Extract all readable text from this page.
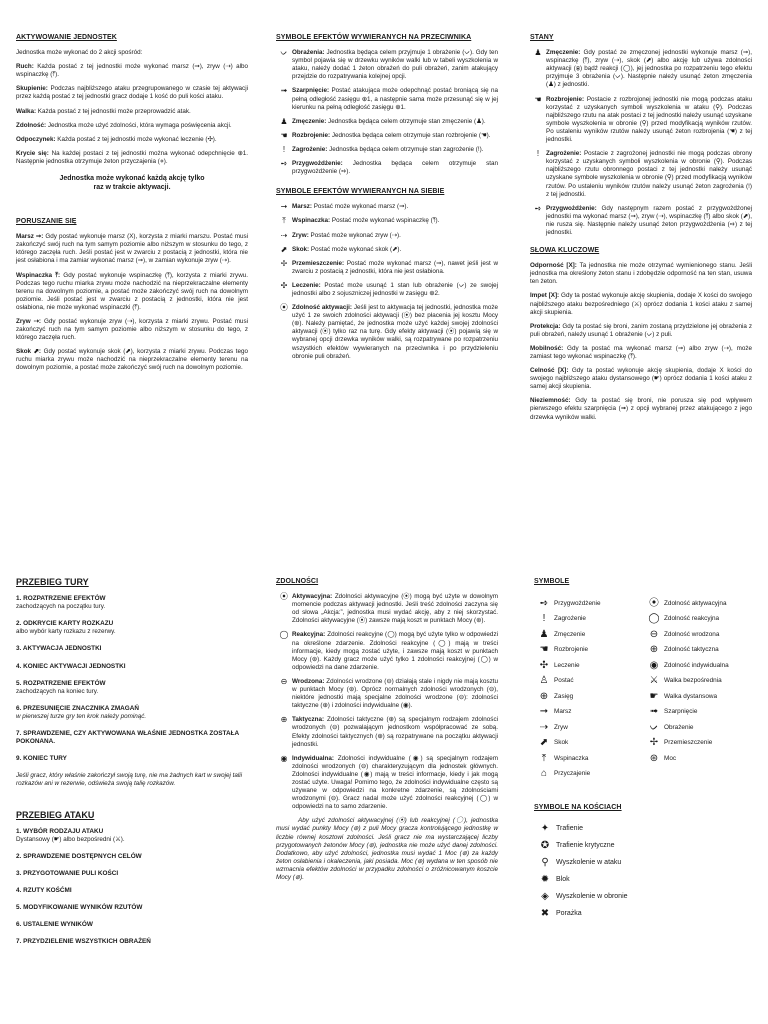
AKTYWOWANIE JEDNOSTEK

Jednostka może wykonać do 2 akcji spośród:

Ruch: Każda postać z tej jednostki może wykonać marsz (➞), zryw (⇢) albo wspinaczkę (⤒).

Skupienie: Podczas najbliższego ataku przegrupowanego w czasie tej aktywacji przez każdą postać z tej jednostki gracz dodaje 1 kość do puli kości ataku.

Walka: Każda postać z tej jednostki może przeprowadzić atak.

Zdolność: Jednostka może użyć zdolności, która wymaga poświęcenia akcji.

Odpoczynek: Każda postać z tej jednostki może wykonać leczenie (✣).

Krycie się: Na każdej postaci z tej jednostki można wykonać odepchnięcie ⊕1. Następnie jednostka otrzymuje żeton przyczajenia (⋄).

Jednostka może wykonać każdą akcję tylko raz w trakcie aktywacji.
PORUSZANIE SIĘ

Marsz ➞: Gdy postać wykonuje marsz (X), korzysta z miarki marszu. Postać musi zakończyć swój ruch na tym samym poziomie albo niższym w stosunku do tego, z którego zaczęła ruch. Jeśli postać jest w zwarciu z postacią z jednostki, która nie jest osłabiona i ma zamiar wykonać marsz (➞), w zamian wykonuje zryw (⇢).

Wspinaczka ⤒: Gdy postać wykonuje wspinaczkę (⤒), korzysta z miarki zrywu. Podczas tego ruchu miarka zrywu może nachodzić na nieprzekraczalne elementy terenu na dowolnym poziomie, a postać może zakończyć swój ruch na dowolnym poziomie. Jeśli postać jest w zwarciu z postacią z jednostki, która nie jest osłabiona, nie może wykonać wspinaczki (⤒).

Zryw ⇢: Gdy postać wykonuje zryw (⇢), korzysta z miarki zrywu. Postać musi zakończyć ruch na tym samym poziomie albo niższym w stosunku do tego, z którego zaczęła ruch.

Skok ⬈: Gdy postać wykonuje skok (⬈), korzysta z miarki zrywu. Podczas tego ruchu miarka zrywu może nachodzić na nieprzekraczalne elementy terenu na dowolnym poziomie, a postać może zakończyć swój ruch na dowolnym poziomie.

SYMBOLE EFEKTÓW WYWIERANYCH NA PRZECIWNIKA
ᨆ Obrażenia: Jednostka będąca celem przyjmuje 1 obrażenie (ᨆ). Gdy ten symbol pojawia się w drzewku wyników walki lub w tabeli wyszkolenia w ataku, należy dodać 1 żeton obrażeń do puli obrażeń, zanim atakujący przejdzie do rozpatrywania kolejnej opcji.
➟ Szarpnięcie: Postać atakująca może odepchnąć postać broniącą się na pełną odległość zasięgu ⊕1, a następnie sama może przesunąć się w jej kierunku na pełną odległość zasięgu ⊕1.
♟ Zmęczenie: Jednostka będąca celem otrzymuje stan zmęczenie (♟).
☚ Rozbrojenie: Jednostka będąca celem otrzymuje stan rozbrojenie (☚).
!	Zagrożenie: Jednostka będąca celem otrzymuje stan zagrożenie (!).
➺ Przygwożdżenie: Jednostka będąca celem otrzymuje stan przygwożdżenie (➺).
SYMBOLE EFEKTÓW WYWIERANYCH NA SIEBIE
➞ Marsz: Postać może wykonać marsz (➞).
⤒ Wspinaczka: Postać może wykonać wspinaczkę (⤒).
⇢ Zryw: Postać może wykonać zryw (⇢).
⬈ Skok: Postać może wykonać skok (⬈).
✢ Przemieszczenie: Postać może wykonać marsz (➞), nawet jeśli jest w zwarciu z postacią z jednostki, która nie jest osłabiona.
✣ Leczenie: Postać może usunąć 1 stan lub obrażenie (ᨆ) ze swojej jednostki albo z sojuszniczej jednostki w zasięgu ⊕2.
⦿ Zdolność aktywacji: Jeśli jest to aktywacja tej jednostki, jednostka może użyć 1 ze swoich zdolności aktywacji (⦿) bez płacenia jej kosztu Mocy (⊛). Należy pamiętać, że jednostka może użyć każdej swojej zdolności aktywacji (⦿) tylko raz na turę. Gdy efekty aktywacji (⦿) pojawią się w wybranej opcji drzewka wyników walki, są rozpatrywane po rozpatrzeniu wszystkich efektów wywieranych na przeciwnika i po przydzieleniu obronie puli obrażeń.
STANY
♟ Zmęczenie: Gdy postać ze zmęczonej jednostki wykonuje marsz (➞), wspinaczkę (⤒), zryw (⇢), skok (⬈) albo akcję lub używa zdolności aktywacji (⦿) bądź reakcji (◯), jej jednostka po rozpatrzeniu tego efektu przyjmuje 3 obrażenia (ᨆ). Następnie należy usunąć żeton zmęczenia (♟) z jednostki.
☚ Rozbrojenie: Postacie z rozbrojonej jednostki nie mogą podczas ataku korzystać z uzyskanych symboli wyszkolenia w ataku (⚲). Podczas najbliższego rzutu na atak postaci z tej jednostki należy usunąć uzyskane symbole wyszkolenia w obronie (⚲) przed modyfikacją wyników rzutów. Po ustaleniu wyników rzutów należy usunąć żeton rozbrojenia (☚) z tej jednostki.
!	Zagrożenie: Postacie z zagrożonej jednostki nie mogą podczas obrony korzystać z uzyskanych symboli wyszkolenia w obronie (⚲). Podczas najbliższego rzutu obronnego postaci z tej jednostki należy usunąć uzyskane symbole wyszkolenia w obronie (⚲) przed modyfikacją wyników rzutów. Po ustaleniu wyników rzutów należy usunąć żeton zagrożenia (!) z tej jednostki.
➺ Przygwożdżenie: Gdy następnym razem postać z przygwożdżonej jednostki ma wykonać marsz (➞), zryw (⇢), wspinaczkę (⤒) albo skok (⬈), nie rusza się. Następnie należy usunąć żeton przygwożdżenia (➺) z tej jednostki.
SŁOWA KLUCZOWE

Odporność [X]: Ta jednostka nie może otrzymać wymienionego stanu. Jeśli jednostka ma określony żeton stanu i zdobędzie odporność na ten stan, usuwa ten żeton.

Impet [X]: Gdy ta postać wykonuje akcję skupienia, dodaje X kości do swojego najbliższego ataku bezpośredniego (⚔) oprócz dodania 1 kości ataku z samej akcji skupienia.

Protekcja: Gdy ta postać się broni, zanim zostaną przydzielone jej obrażenia z puli obrażeń, należy usunąć 1 obrażenie (ᨆ) z puli.

Mobilność: Gdy ta postać ma wykonać marsz (➞) albo zryw (⇢), może zamiast tego wykonać wspinaczkę (⤒).

Celność [X]: Gdy ta postać wykonuje akcję skupienia, dodaje X kości do swojego najbliższego ataku dystansowego (☛) oprócz dodania 1 kości ataku z samej akcji skupienia.

Nieziemność: Gdy ta postać się broni, nie porusza się pod wpływem pierwszego efektu szarpnięcia (➟) z opcji wybranej przez atakującego z jego drzewka wyników walki.

PRZEBIEG TURY
1. ROZPATRZENIE EFEKTÓW
zachodzących na początku tury.
2. ODKRYCIE KARTY ROZKAZU
albo wybór karty rozkazu z rezerwy.
3. AKTYWACJA JEDNOSTKI
4. KONIEC AKTYWACJI JEDNOSTKI
5. ROZPATRZENIE EFEKTÓW
zachodzących na koniec tury.
6. PRZESUNIĘCIE ZNACZNIKA ZMAGAŃ
w pierwszej turze gry ten krok należy pominąć.
7. SPRAWDZENIE, CZY AKTYWOWANA WŁAŚNIE JEDNOSTKA ZOSTAŁA POKONANA.
9. KONIEC TURY

Jeśli gracz, który właśnie zakończył swoją turę, nie ma żadnych kart w swojej talii rozkazów ani w rezerwie, odświeża swoją talię rozkazów.

PRZEBIEG ATAKU
1. WYBÓR RODZAJU ATAKU
Dystansowy (☛) albo bezpośredni (⚔).
2. SPRAWDZENIE DOSTĘPNYCH CELÓW
3. PRZYGOTOWANIE PULI KOŚCI
4. RZUTY KOŚĆMI
5. MODYFIKOWANIE WYNIKÓW RZUTÓW
6. USTALENIE WYNIKÓW
7. PRZYDZIELENIE WSZYSTKICH OBRAŻEŃ
ZDOLNOŚCI
⦿ Aktywacyjna: Zdolności aktywacyjne (⦿) mogą być użyte w dowolnym momencie podczas aktywacji jednostki. Jeśli treść zdolności zaczyna się od słowa „Akcja:”, jednostka musi wydać akcję, aby z niej skorzystać. Zdolności aktywacyjne (⦿) zawsze mają koszt w punktach Mocy (⊛).
◯ Reakcyjna: Zdolności reakcyjne (◯) mogą być użyte tylko w odpowiedzi na określone zdarzenie. Zdolności reakcyjne (◯) mają w treści informacje, kiedy mogą zostać użyte, i zawsze mają koszt w punktach Mocy (⊛). Każdy gracz może użyć tylko 1 zdolności reakcyjnej (◯) w odpowiedzi na dane zdarzenie.
⊖ Wrodzona: Zdolności wrodzone (⊖) działają stale i nigdy nie mają kosztu w punktach Mocy (⊛). Oprócz normalnych zdolności wrodzonych (⊖), niektóre jednostki mają specjalne zdolności wrodzone (⊖): zdolności taktyczne (⊕) i zdolności indywidualne (◉).
⊕ Taktyczna: Zdolności taktyczne (⊕) są specjalnym rodzajem zdolności wrodzonych (⊖) pozwalającym jednostkom współpracować ze sobą. Efekty zdolności taktycznych (⊕) są rozpatrywane na początku aktywacji jednostki.
◉ Indywidualna: Zdolności indywidualne (◉) są specjalnym rodzajem zdolności wrodzonych (⊖) charakteryzującym dla jednostek głównych. Zdolności indywidualne (◉) mają w treści informacje, kiedy i jak mogą zostać użyte. Uwaga! Pomimo tego, że zdolności indywidualne często są używane w odpowiedzi na konkretne zdarzenie, są zdolnościami wrodzonymi (⊖). Gracz nadal może użyć zdolności reakcyjnej (◯) w odpowiedzi na to samo zdarzenie.

Aby użyć zdolności aktywacyjnej (⦿) lub reakcyjnej (◯), jednostka musi wydać punkty Mocy (⊛) z puli Mocy gracza kontrolującego jednostkę w liczbie równej kosztowi zdolności. Jeśli gracz nie ma wystarczającej liczby przygotowanych żetonów Mocy (⊛), jednostka nie może użyć danej zdolności. Dodatkowo, aby użyć zdolności, jednostka musi wydać 1 Moc (⊛) za każdy żeton osłabienia i okaleczenia, jaki posiada. Moc (⊛) wydana w ten sposób nie wzmacnia efektów zdolności w przypadku zdolności o zróżnicowanym koszcie Mocy (⊛).

SYMBOLE
➺ Przygwożdżenie
!	Zagrożenie
♟ Zmęczenie
☚ Rozbrojenie
✣ Leczenie
♙ Postać
⊕ Zasięg
➞ Marsz
⇢ Zryw
⬈ Skok
⤒	Wspinaczka
⌂	Przyczajenie
⦿ Zdolność aktywacyjna
◯ Zdolność reakcyjna
⊖ Zdolność wrodzona
⊕ Zdolność taktyczna
◉ Zdolność indywidualna
⚔ Walka bezpośrednia
☛ Walka dystansowa
➟ Szarpnięcie
ᨆ Obrażenie
✢ Przemieszczenie
⊛ Moc
SYMBOLE NA KOŚCIACH
✦ Trafienie
✪ Trafienie krytyczne
⚲	Wyszkolenie w ataku
✹ Blok
◈	Wyszkolenie w obronie
✖ Porażka
